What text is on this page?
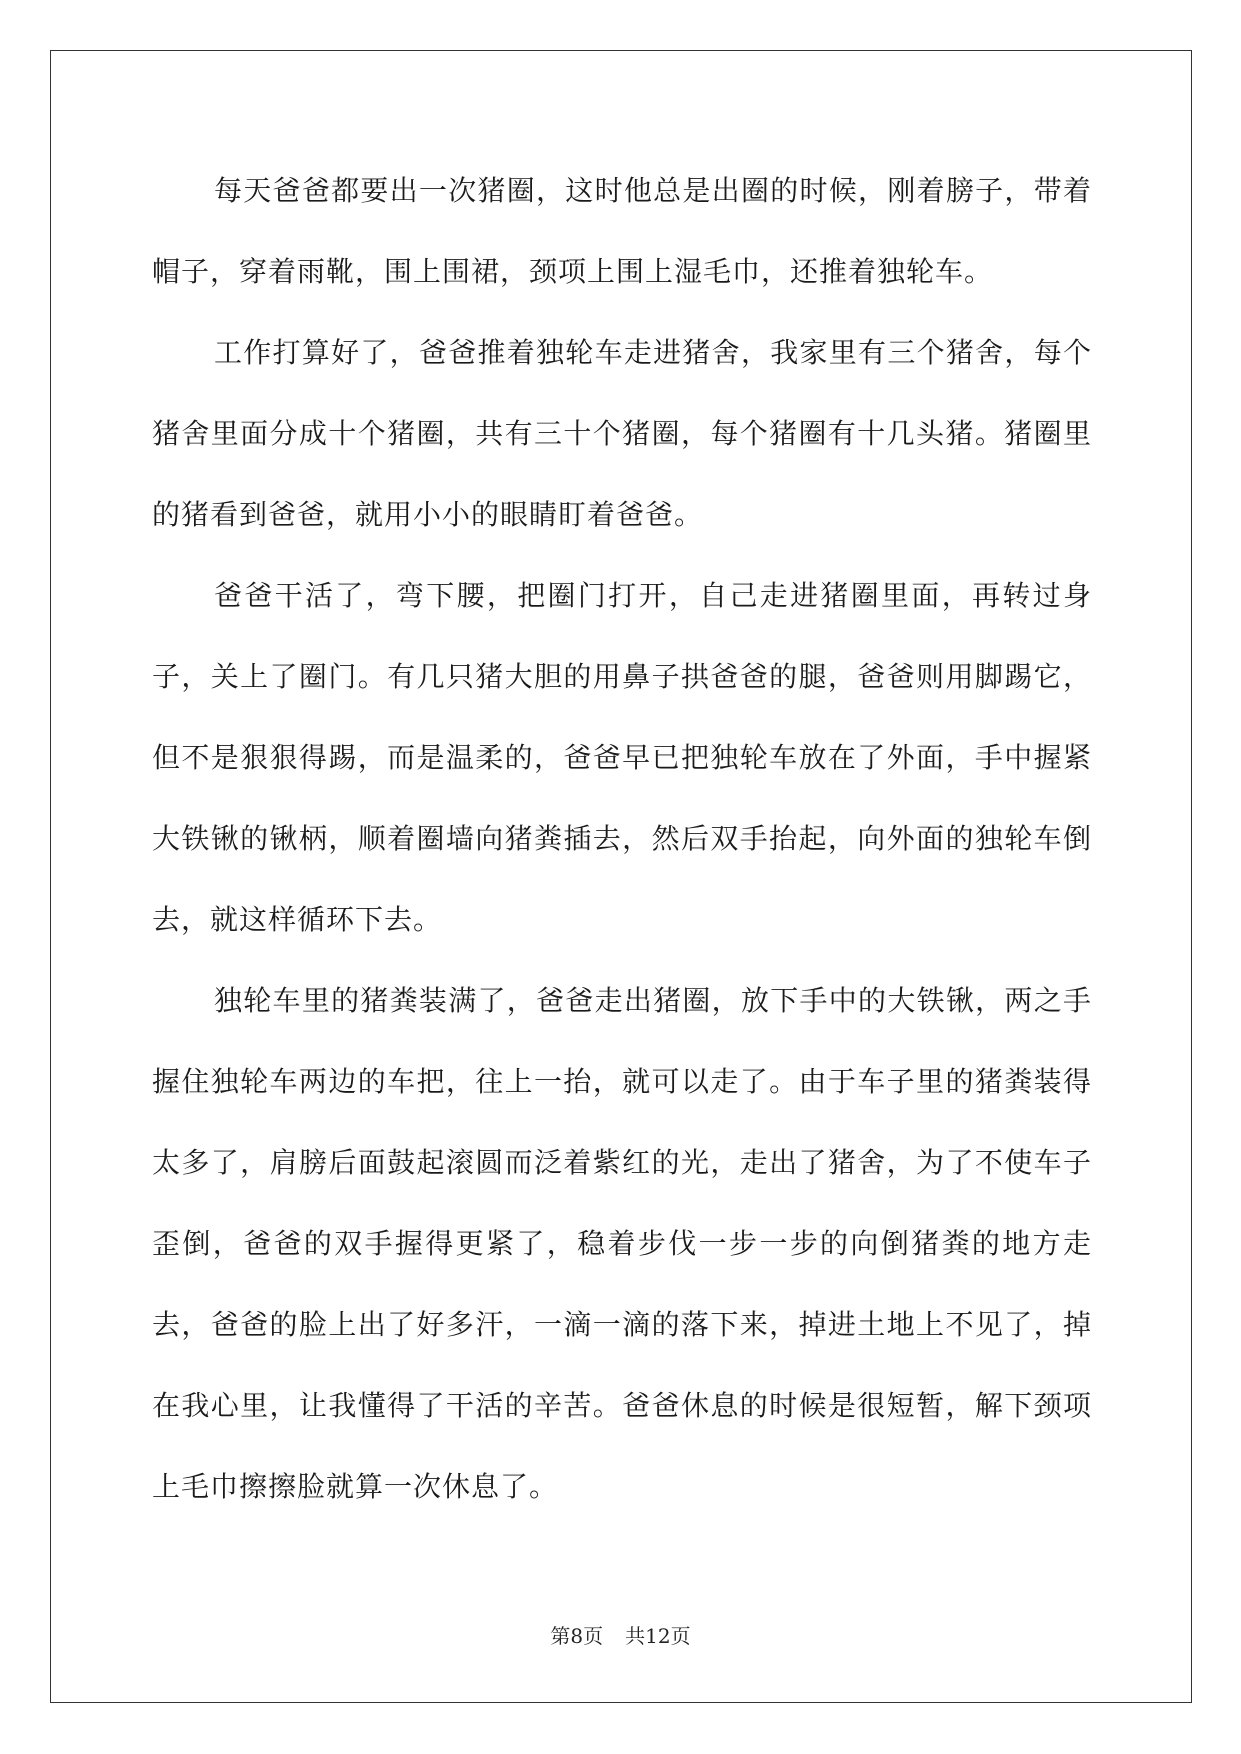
每天爸爸都要出一次猪圈，这时他总是出圈的时候，刚着膀子，带着帽子，穿着雨靴，围上围裙，颈项上围上湿毛巾，还推着独轮车。

工作打算好了，爸爸推着独轮车走进猪舍，我家里有三个猪舍，每个猪舍里面分成十个猪圈，共有三十个猪圈，每个猪圈有十几头猪。猪圈里的猪看到爸爸，就用小小的眼睛盯着爸爸。

爸爸干活了，弯下腰，把圈门打开，自己走进猪圈里面，再转过身子，关上了圈门。有几只猪大胆的用鼻子拱爸爸的腿，爸爸则用脚踢它，但不是狠狠得踢，而是温柔的，爸爸早已把独轮车放在了外面，手中握紧大铁锹的锹柄，顺着圈墙向猪粪插去，然后双手抬起，向外面的独轮车倒去，就这样循环下去。

独轮车里的猪粪装满了，爸爸走出猪圈，放下手中的大铁锹，两之手握住独轮车两边的车把，往上一抬，就可以走了。由于车子里的猪粪装得太多了，肩膀后面鼓起滚圆而泛着紫红的光，走出了猪舍，为了不使车子歪倒，爸爸的双手握得更紧了，稳着步伐一步一步的向倒猪粪的地方走去，爸爸的脸上出了好多汗，一滴一滴的落下来，掉进土地上不见了，掉在我心里，让我懂得了干活的辛苦。爸爸休息的时候是很短暂，解下颈项上毛巾擦擦脸就算一次休息了。

第8页 共12页
